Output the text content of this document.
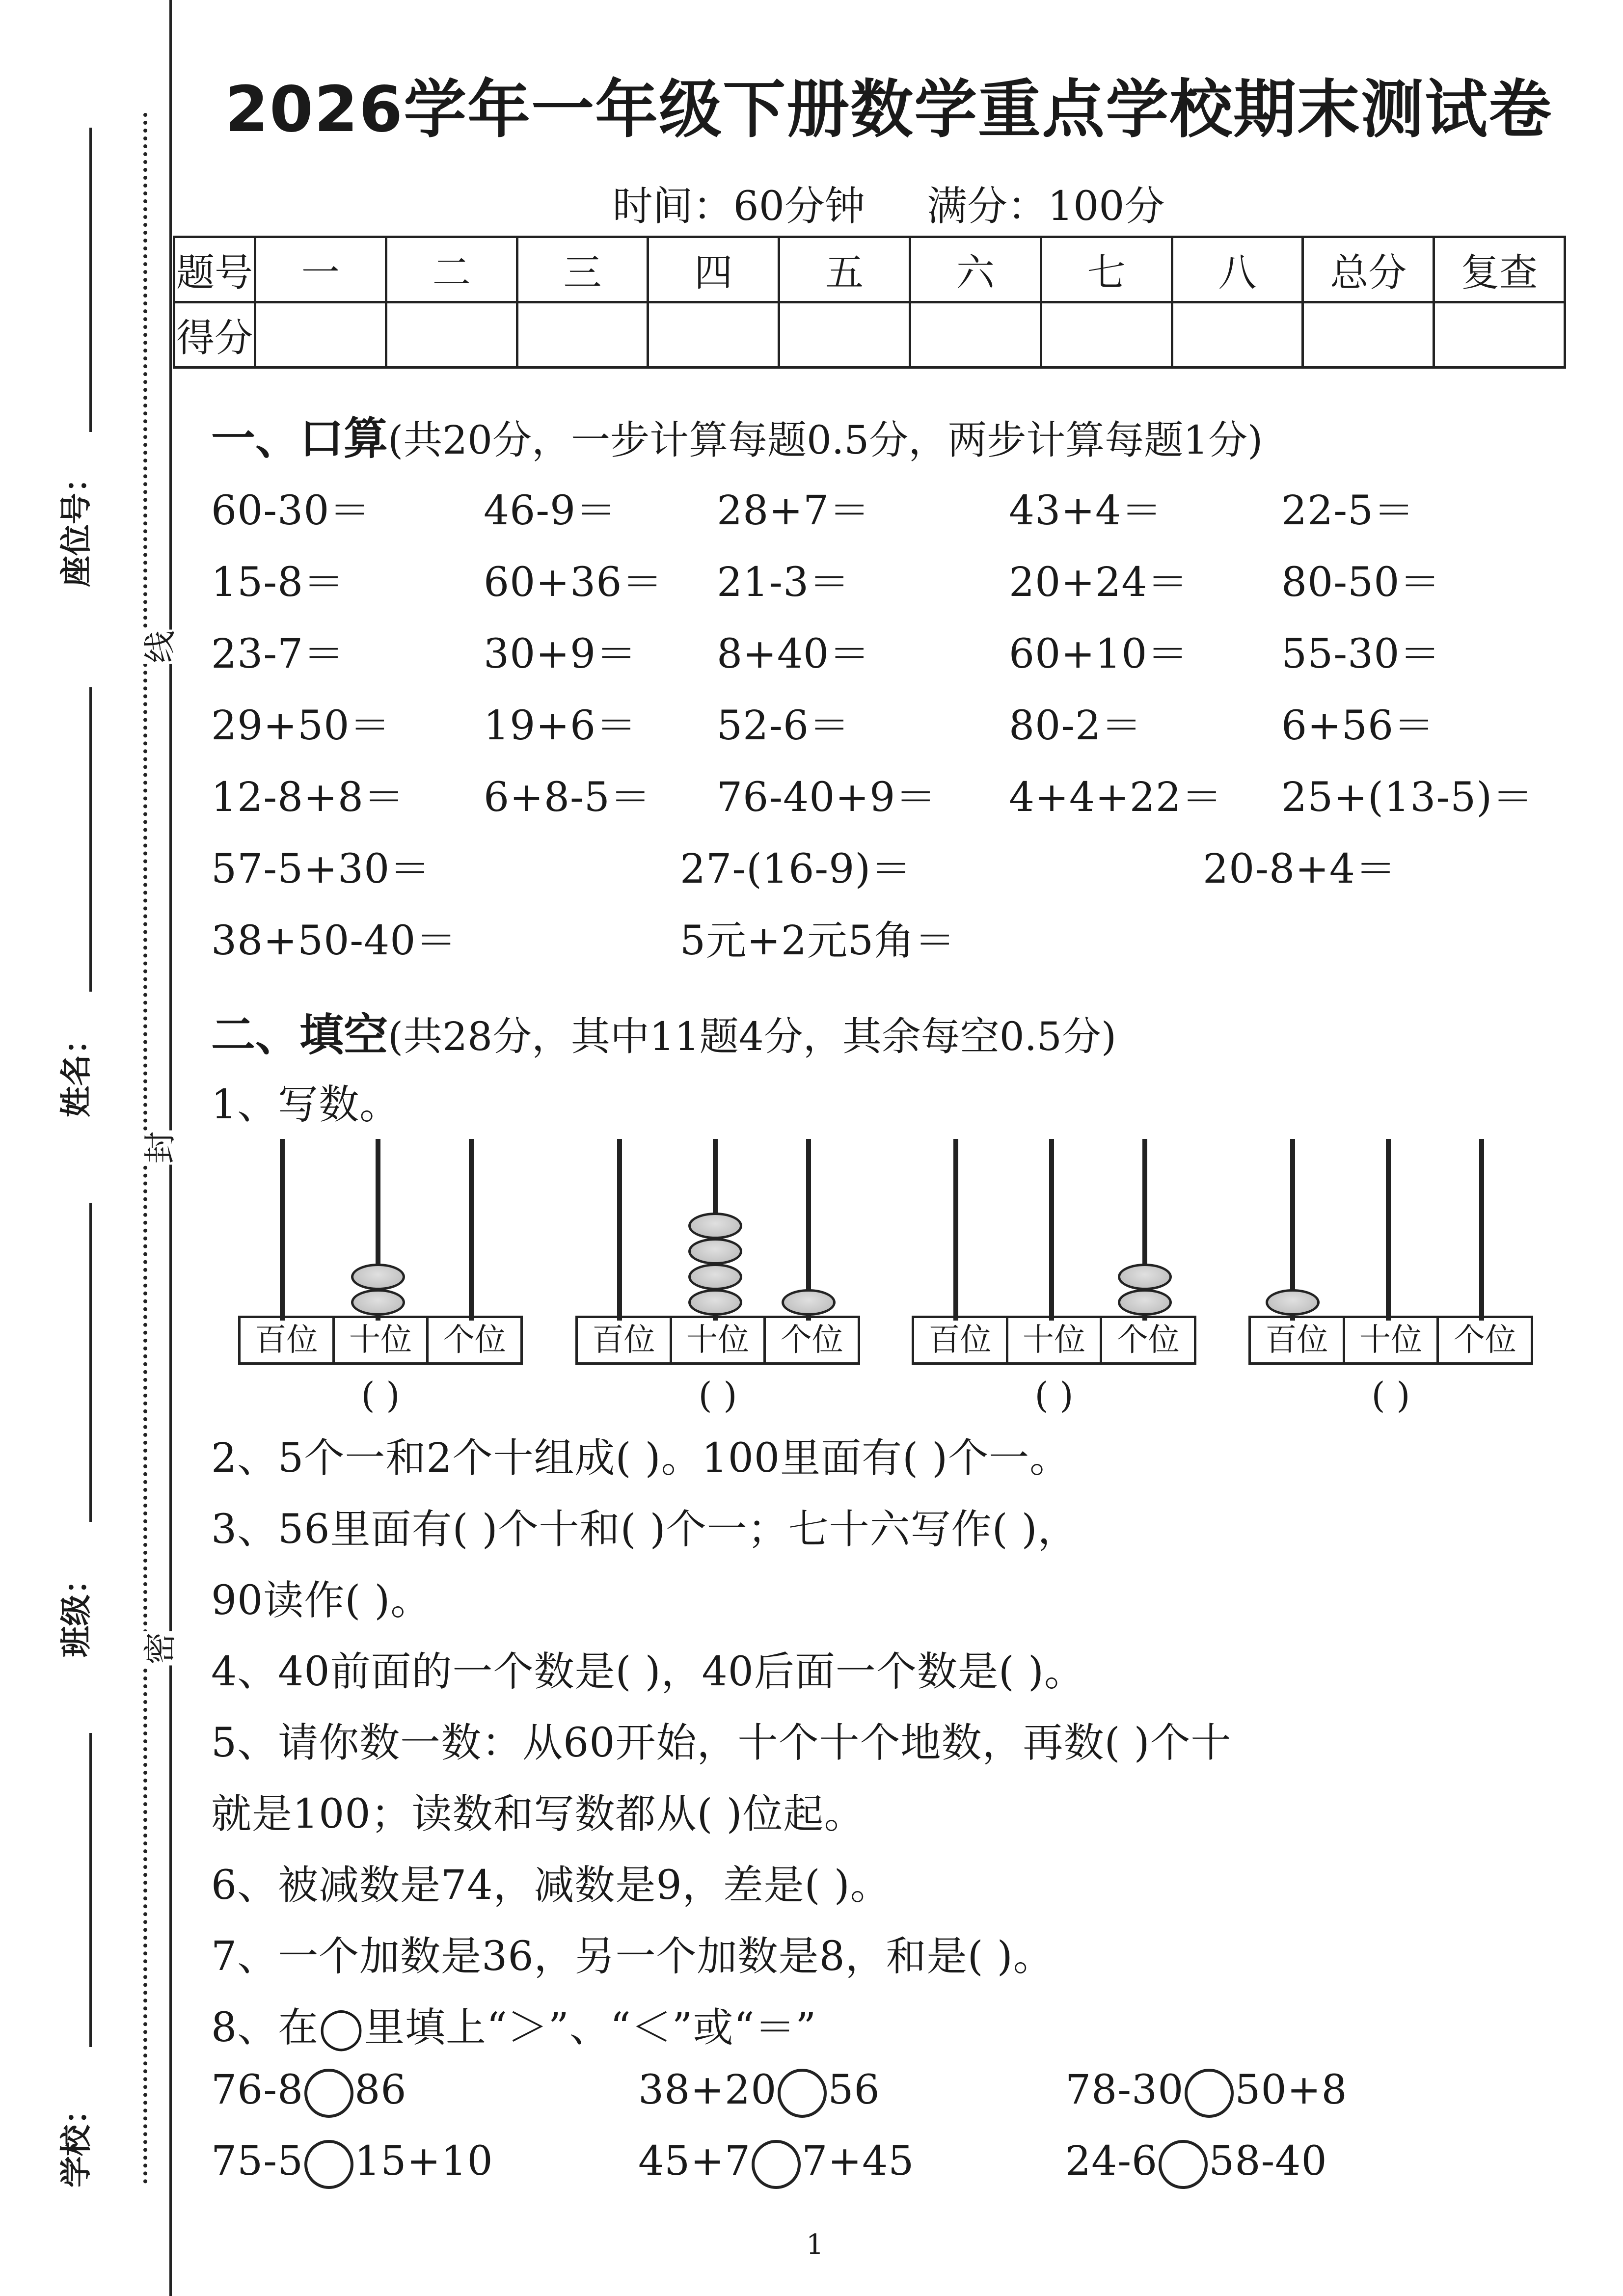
座位号：
姓名：
班级：
学校：
线
封
密
2026学年一年级下册数学重点学校期末测试卷
时间：60分钟 满分：100分
题号	一	二	三	四	五	六	七	八	总分	复查
得分										
一、口算(共20分，一步计算每题0.5分，两步计算每题1分)
60-30＝	46-9＝ 28+7＝	43+4＝	22-5＝
15-8＝	60+36＝ 21-3＝	20+24＝ 80-50＝
23-7＝	30+9＝ 8+40＝	60+10＝ 55-30＝
29+50＝ 19+6＝ 52-6＝	80-2＝	6+56＝
12-8+8＝ 6+8-5＝ 76-40+9＝ 4+4+22＝ 25+(13-5)＝
57-5+30＝	27-(16-9)＝	20-8+4＝
38+50-40＝	5元+2元5角＝
二、填空(共28分，其中11题4分，其余每空0.5分)
1、写数。
百位 十位 个位
( )
百位 十位 个位
( )
百位 十位 个位
( )
百位 十位 个位
( )
2、5个一和2个十组成( )。100里面有( )个一。
3、56里面有( )个十和( )个一；七十六写作( )，
90读作( )。
4、40前面的一个数是( )，40后面一个数是( )。
5、请你数一数：从60开始，十个十个地数，再数( )个十
就是100；读数和写数都从( )位起。
6、被减数是74，减数是9，差是( )。
7、一个加数是36，另一个加数是8，和是( )。
8、在◯里填上“＞”、“＜”或“＝”
76-8 86	38+20 56	78-30 50+8
75-5 15+10	45+7 7+45	24-6 58-40
1
